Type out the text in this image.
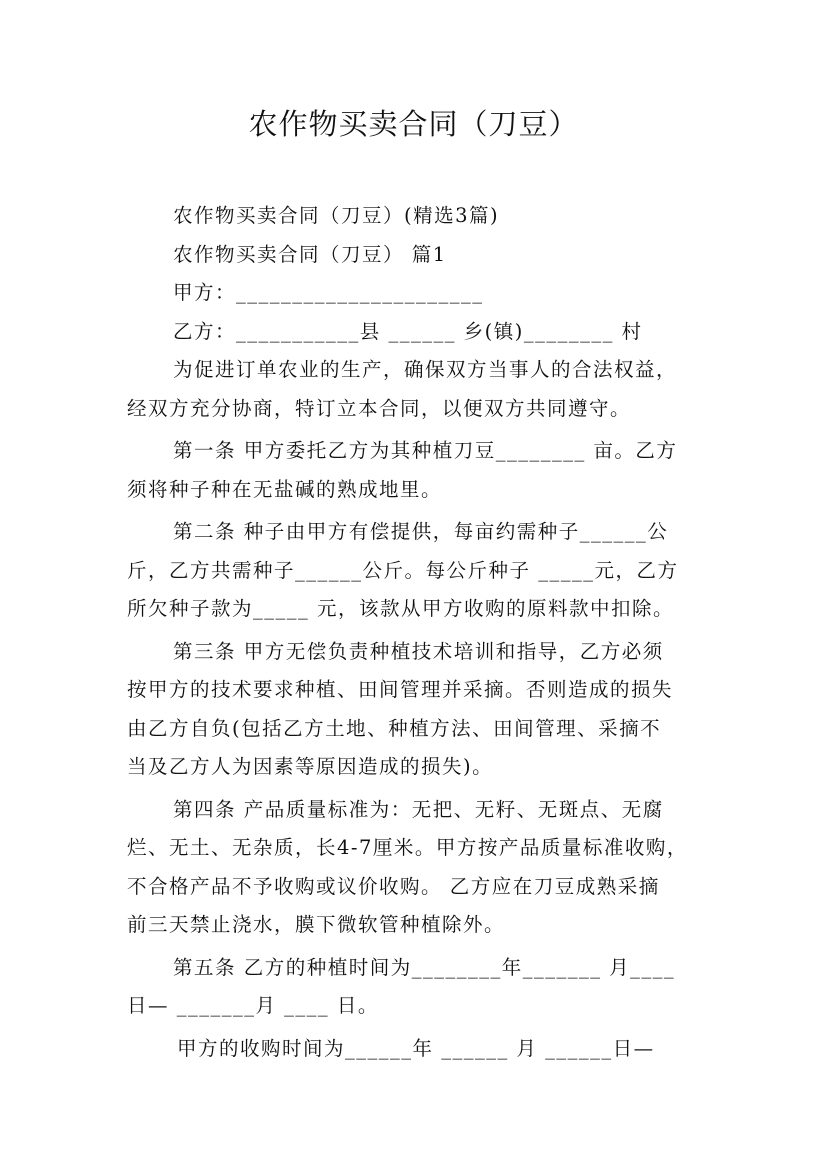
农作物买卖合同（刀豆）
农作物买卖合同（刀豆）(精选3篇)
农作物买卖合同（刀豆） 篇1
甲方：______________________
乙方：___________县 ______ 乡(镇)________ 村
为促进订单农业的生产，确保双方当事人的合法权益，
经双方充分协商，特订立本合同，以便双方共同遵守。
第一条 甲方委托乙方为其种植刀豆________ 亩。乙方
须将种子种在无盐碱的熟成地里。
第二条 种子由甲方有偿提供，每亩约需种子______公
斤，乙方共需种子______公斤。每公斤种子 _____元，乙方
所欠种子款为_____ 元，该款从甲方收购的原料款中扣除。
第三条 甲方无偿负责种植技术培训和指导，乙方必须
按甲方的技术要求种植、田间管理并采摘。否则造成的损失
由乙方自负(包括乙方土地、种植方法、田间管理、采摘不
当及乙方人为因素等原因造成的损失)。
第四条 产品质量标准为：无把、无籽、无斑点、无腐
烂、无土、无杂质，长4-7厘米。甲方按产品质量标准收购，
不合格产品不予收购或议价收购。 乙方应在刀豆成熟采摘
前三天禁止浇水，膜下微软管种植除外。
第五条 乙方的种植时间为________年_______ 月____
日— _______月 ____ 日。
甲方的收购时间为______年 ______ 月 ______日—
